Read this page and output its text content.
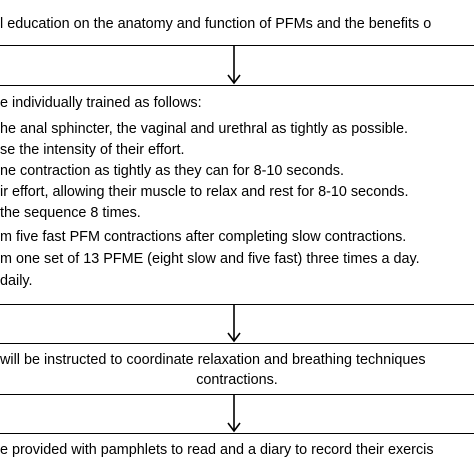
l education on the anatomy and function of PFMs and the benefits o
e individually trained as follows:
he anal sphincter, the vaginal and urethral as tightly as possible.
se the intensity of their effort.
ne contraction as tightly as they can for 8-10 seconds.
ir effort, allowing their muscle to relax and rest for 8-10 seconds.
the sequence 8 times.
m five fast PFM contractions after completing slow contractions.
m one set of 13 PFME (eight slow and five fast) three times a day.
daily.
will be instructed to coordinate relaxation and breathing techniques
contractions.
e provided with pamphlets to read and a diary to record their exercis
